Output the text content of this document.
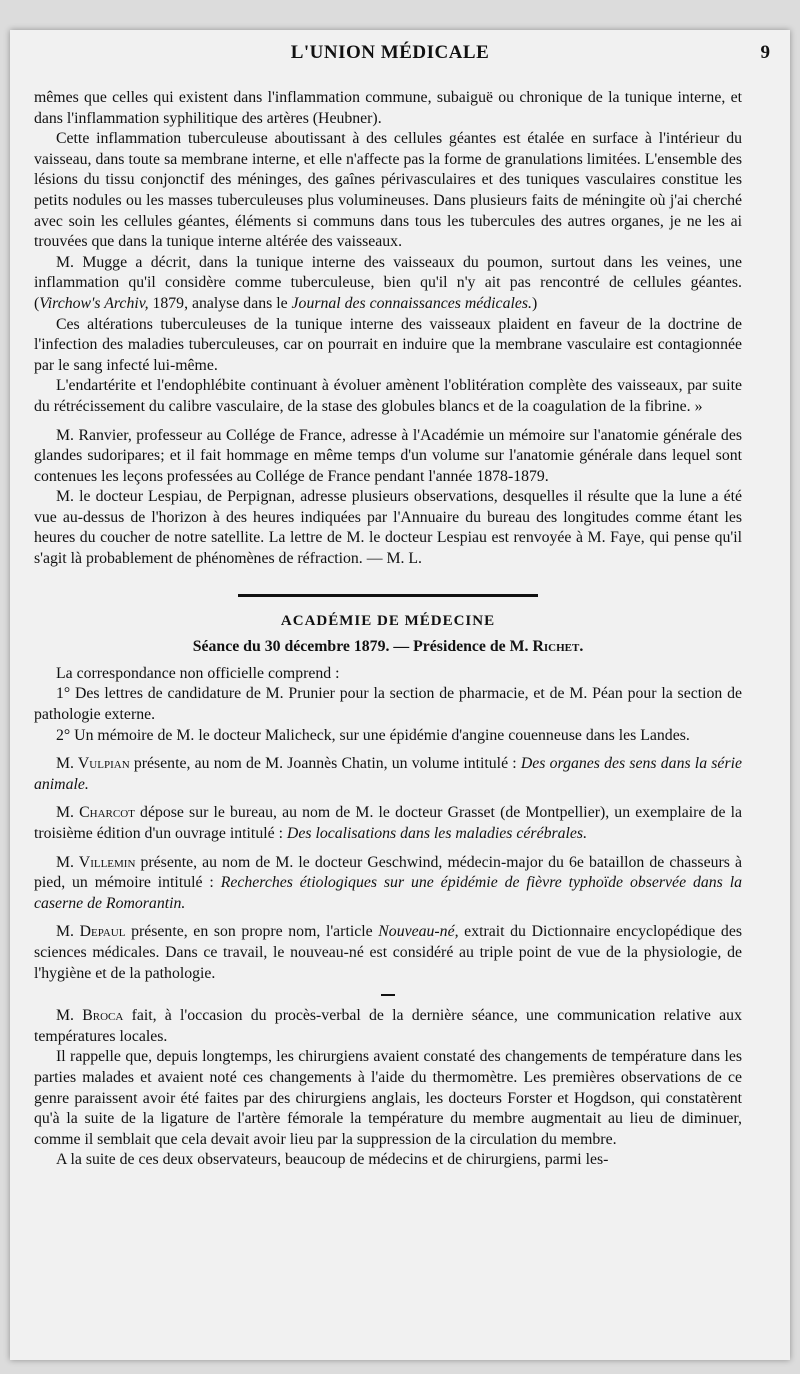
L'UNION MÉDICALE	9

mêmes que celles qui existent dans l'inflammation commune, subaiguë ou chronique de la tunique interne, et dans l'inflammation syphilitique des artères (Heubner).

Cette inflammation tuberculeuse aboutissant à des cellules géantes est étalée en surface à l'intérieur du vaisseau, dans toute sa membrane interne, et elle n'affecte pas la forme de granulations limitées. L'ensemble des lésions du tissu conjonctif des méninges, des gaînes périvasculaires et des tuniques vasculaires constitue les petits nodules ou les masses tuberculeuses plus volumineuses. Dans plusieurs faits de méningite où j'ai cherché avec soin les cellules géantes, éléments si communs dans tous les tubercules des autres organes, je ne les ai trouvées que dans la tunique interne altérée des vaisseaux.

M. Mugge a décrit, dans la tunique interne des vaisseaux du poumon, surtout dans les veines, une inflammation qu'il considère comme tuberculeuse, bien qu'il n'y ait pas rencontré de cellules géantes. (Virchow's Archiv, 1879, analyse dans le Journal des connaissances médicales.)

Ces altérations tuberculeuses de la tunique interne des vaisseaux plaident en faveur de la doctrine de l'infection des maladies tuberculeuses, car on pourrait en induire que la membrane vasculaire est contagionnée par le sang infecté lui-même.

L'endartérite et l'endophlébite continuant à évoluer amènent l'oblitération complète des vaisseaux, par suite du rétrécissement du calibre vasculaire, de la stase des globules blancs et de la coagulation de la fibrine. »

M. Ranvier, professeur au Collége de France, adresse à l'Académie un mémoire sur l'anatomie générale des glandes sudoripares; et il fait hommage en même temps d'un volume sur l'anatomie générale dans lequel sont contenues les leçons professées au Collége de France pendant l'année 1878-1879.

M. le docteur Lespiau, de Perpignan, adresse plusieurs observations, desquelles il résulte que la lune a été vue au-dessus de l'horizon à des heures indiquées par l'Annuaire du bureau des longitudes comme étant les heures du coucher de notre satellite. La lettre de M. le docteur Lespiau est renvoyée à M. Faye, qui pense qu'il s'agit là probablement de phénomènes de réfraction. — M. L.

ACADÉMIE DE MÉDECINE
Séance du 30 décembre 1879. — Présidence de M. Richet.

La correspondance non officielle comprend :

1° Des lettres de candidature de M. Prunier pour la section de pharmacie, et de M. Péan pour la section de pathologie externe.

2° Un mémoire de M. le docteur Malicheck, sur une épidémie d'angine couenneuse dans les Landes.

M. Vulpian présente, au nom de M. Joannès Chatin, un volume intitulé : Des organes des sens dans la série animale.

M. Charcot dépose sur le bureau, au nom de M. le docteur Grasset (de Montpellier), un exemplaire de la troisième édition d'un ouvrage intitulé : Des localisations dans les maladies cérébrales.

M. Villemin présente, au nom de M. le docteur Geschwind, médecin-major du 6e bataillon de chasseurs à pied, un mémoire intitulé : Recherches étiologiques sur une épidémie de fièvre typhoïde observée dans la caserne de Romorantin.

M. Depaul présente, en son propre nom, l'article Nouveau-né, extrait du Dictionnaire encyclopédique des sciences médicales. Dans ce travail, le nouveau-né est considéré au triple point de vue de la physiologie, de l'hygiène et de la pathologie.

M. Broca fait, à l'occasion du procès-verbal de la dernière séance, une communication relative aux températures locales.

Il rappelle que, depuis longtemps, les chirurgiens avaient constaté des changements de température dans les parties malades et avaient noté ces changements à l'aide du thermomètre. Les premières observations de ce genre paraissent avoir été faites par des chirurgiens anglais, les docteurs Forster et Hogdson, qui constatèrent qu'à la suite de la ligature de l'artère fémorale la température du membre augmentait au lieu de diminuer, comme il semblait que cela devait avoir lieu par la suppression de la circulation du membre.

A la suite de ces deux observateurs, beaucoup de médecins et de chirurgiens, parmi les-
